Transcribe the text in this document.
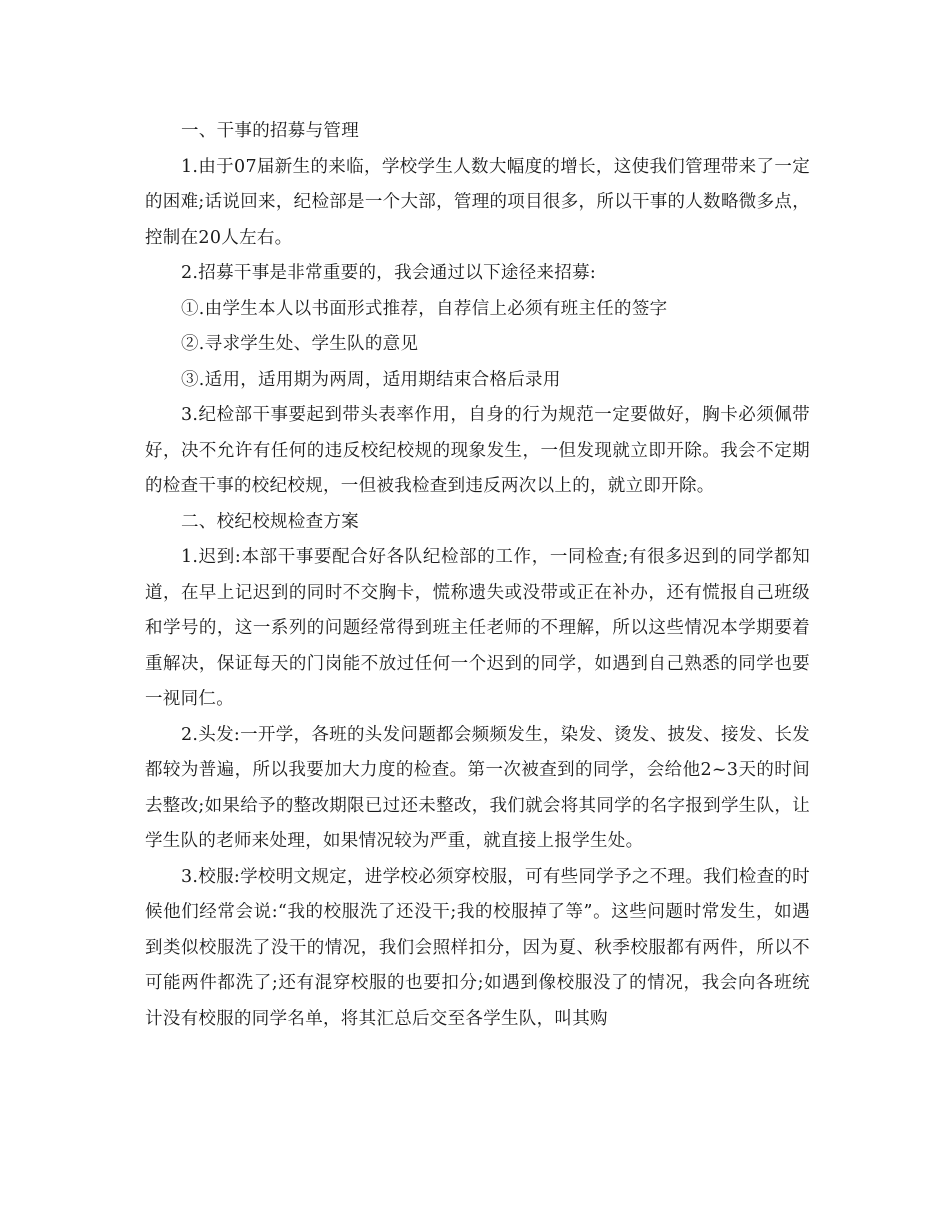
一、干事的招募与管理

1.由于07届新生的来临，学校学生人数大幅度的增长，这使我们管理带来了一定的困难;话说回来，纪检部是一个大部，管理的项目很多，所以干事的人数略微多点，控制在20人左右。

2.招募干事是非常重要的，我会通过以下途径来招募:

①.由学生本人以书面形式推荐，自荐信上必须有班主任的签字

②.寻求学生处、学生队的意见

③.适用，适用期为两周，适用期结束合格后录用

3.纪检部干事要起到带头表率作用，自身的行为规范一定要做好，胸卡必须佩带好，决不允许有任何的违反校纪校规的现象发生，一但发现就立即开除。我会不定期的检查干事的校纪校规，一但被我检查到违反两次以上的，就立即开除。

二、校纪校规检查方案

1.迟到:本部干事要配合好各队纪检部的工作，一同检查;有很多迟到的同学都知道，在早上记迟到的同时不交胸卡，慌称遗失或没带或正在补办，还有慌报自己班级和学号的，这一系列的问题经常得到班主任老师的不理解，所以这些情况本学期要着重解决，保证每天的门岗能不放过任何一个迟到的同学，如遇到自己熟悉的同学也要一视同仁。

2.头发:一开学，各班的头发问题都会频频发生，染发、烫发、披发、接发、长发都较为普遍，所以我要加大力度的检查。第一次被查到的同学，会给他2~3天的时间去整改;如果给予的整改期限已过还未整改，我们就会将其同学的名字报到学生队，让学生队的老师来处理，如果情况较为严重，就直接上报学生处。

3.校服:学校明文规定，进学校必须穿校服，可有些同学予之不理。我们检查的时候他们经常会说:“我的校服洗了还没干;我的校服掉了等”。这些问题时常发生，如遇到类似校服洗了没干的情况，我们会照样扣分，因为夏、秋季校服都有两件，所以不可能两件都洗了;还有混穿校服的也要扣分;如遇到像校服没了的情况，我会向各班统计没有校服的同学名单，将其汇总后交至各学生队，叫其购
